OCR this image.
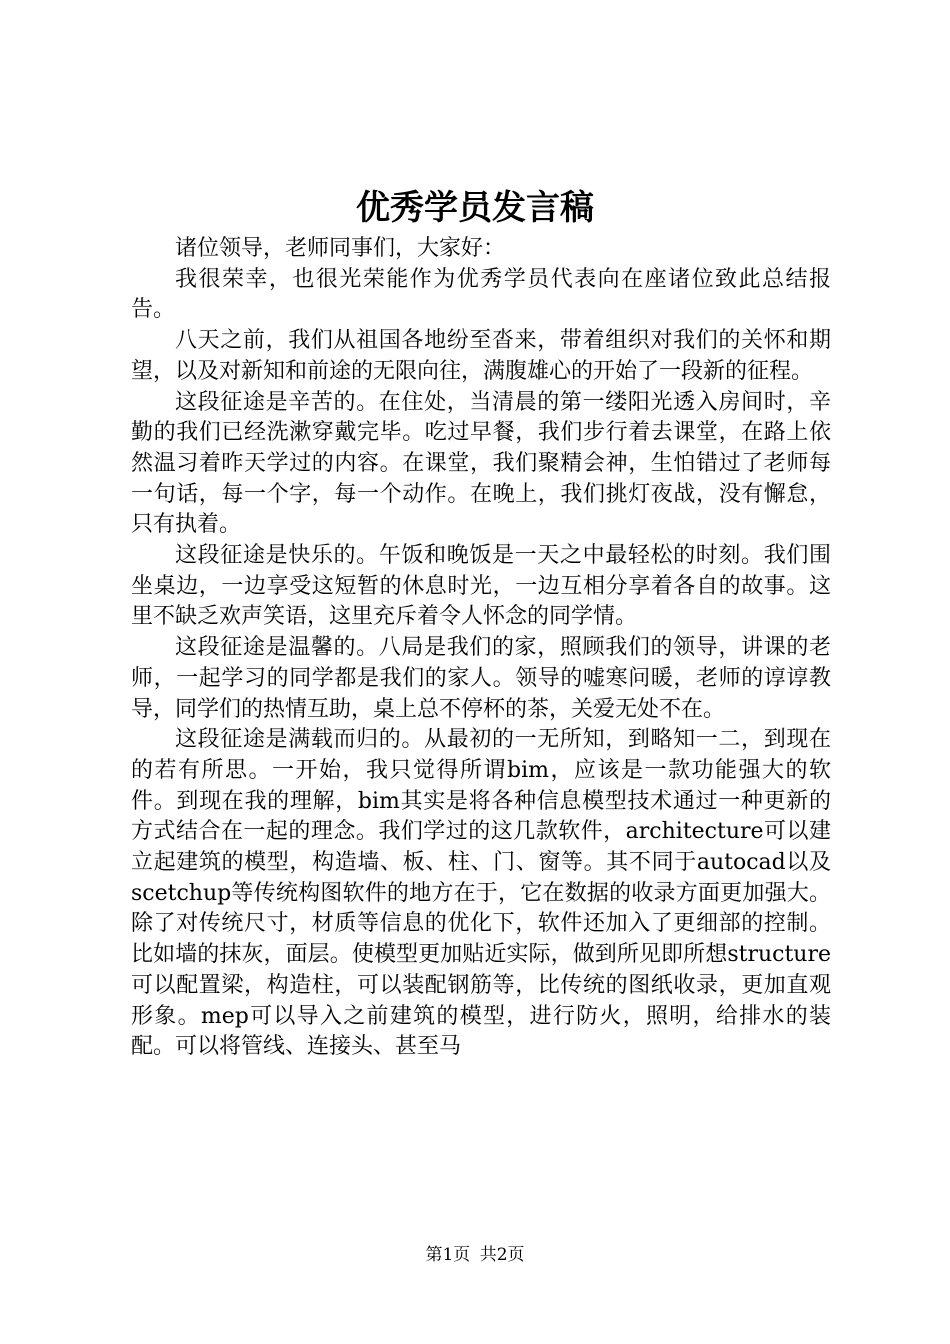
优秀学员发言稿

诸位领导，老师同事们，大家好：

我很荣幸，也很光荣能作为优秀学员代表向在座诸位致此总结报告。

八天之前，我们从祖国各地纷至沓来，带着组织对我们的关怀和期望，以及对新知和前途的无限向往，满腹雄心的开始了一段新的征程。

这段征途是辛苦的。在住处，当清晨的第一缕阳光透入房间时，辛勤的我们已经洗漱穿戴完毕。吃过早餐，我们步行着去课堂，在路上依然温习着昨天学过的内容。在课堂，我们聚精会神，生怕错过了老师每一句话，每一个字，每一个动作。在晚上，我们挑灯夜战，没有懈怠，只有执着。

这段征途是快乐的。午饭和晚饭是一天之中最轻松的时刻。我们围坐桌边，一边享受这短暂的休息时光，一边互相分享着各自的故事。这里不缺乏欢声笑语，这里充斥着令人怀念的同学情。

这段征途是温馨的。八局是我们的家，照顾我们的领导，讲课的老师，一起学习的同学都是我们的家人。领导的嘘寒问暖，老师的谆谆教导，同学们的热情互助，桌上总不停杯的茶，关爱无处不在。

这段征途是满载而归的。从最初的一无所知，到略知一二，到现在的若有所思。一开始，我只觉得所谓bim，应该是一款功能强大的软件。到现在我的理解，bim其实是将各种信息模型技术通过一种更新的方式结合在一起的理念。我们学过的这几款软件，architecture可以建立起建筑的模型，构造墙、板、柱、门、窗等。其不同于autocad以及scetchup等传统构图软件的地方在于，它在数据的收录方面更加强大。除了对传统尺寸，材质等信息的优化下，软件还加入了更细部的控制。比如墙的抹灰，面层。使模型更加贴近实际，做到所见即所想structure可以配置梁，构造柱，可以装配钢筋等，比传统的图纸收录，更加直观形象。mep可以导入之前建筑的模型，进行防火，照明，给排水的装配。可以将管线、连接头、甚至马

第1页 共2页
